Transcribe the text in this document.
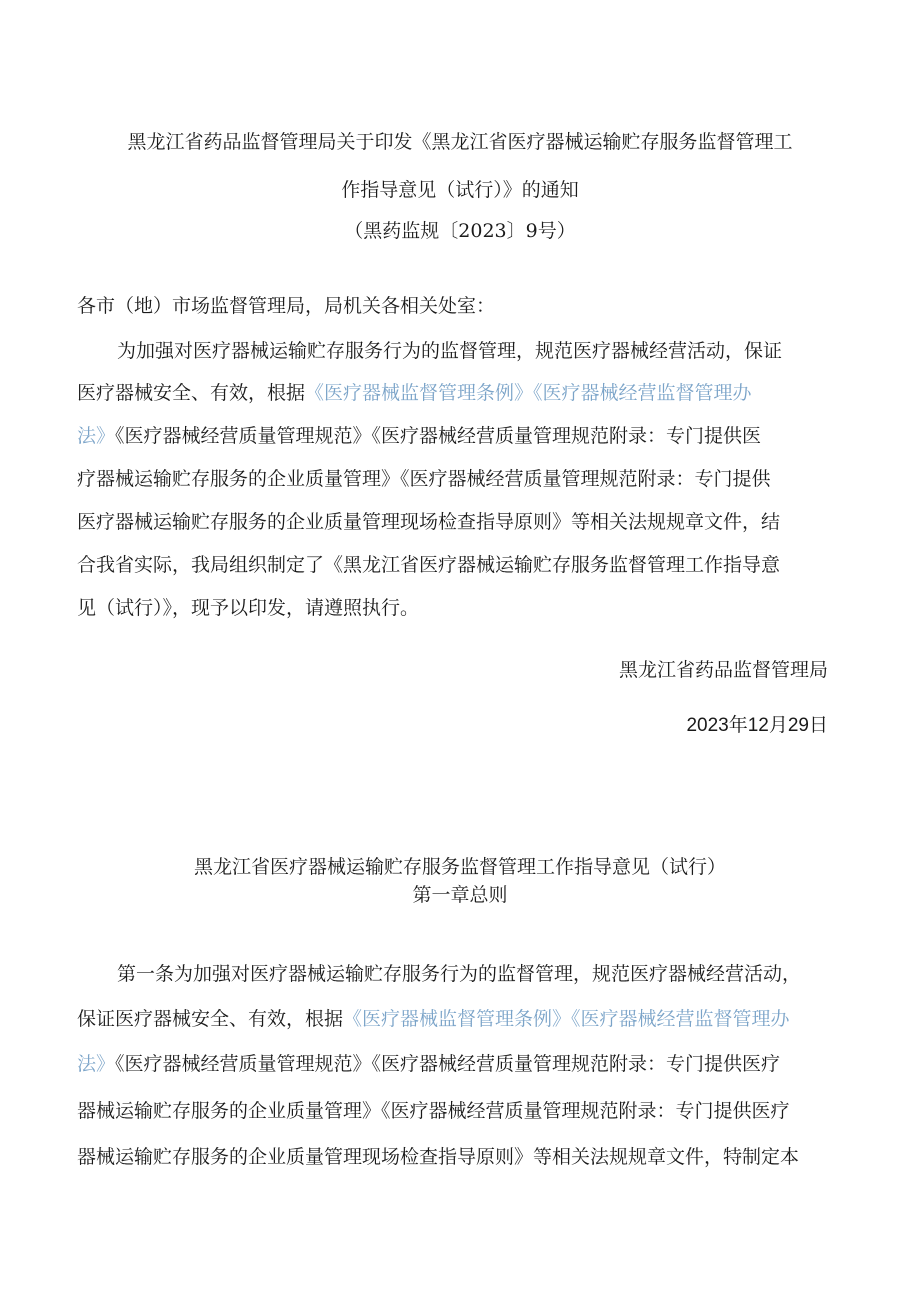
黑龙江省药品监督管理局关于印发《黑龙江省医疗器械运输贮存服务监督管理工
作指导意见（试行）》的通知
（黑药监规〔2023〕9号）
各市（地）市场监督管理局，局机关各相关处室：
为加强对医疗器械运输贮存服务行为的监督管理，规范医疗器械经营活动，保证
医疗器械安全、有效，根据《医疗器械监督管理条例》《医疗器械经营监督管理办
法》《医疗器械经营质量管理规范》《医疗器械经营质量管理规范附录：专门提供医
疗器械运输贮存服务的企业质量管理》《医疗器械经营质量管理规范附录：专门提供
医疗器械运输贮存服务的企业质量管理现场检查指导原则》等相关法规规章文件，结
合我省实际，我局组织制定了《黑龙江省医疗器械运输贮存服务监督管理工作指导意
见（试行）》，现予以印发，请遵照执行。
黑龙江省药品监督管理局
2023年12月29日
黑龙江省医疗器械运输贮存服务监督管理工作指导意见（试行）
第一章总则
第一条为加强对医疗器械运输贮存服务行为的监督管理，规范医疗器械经营活动，
保证医疗器械安全、有效，根据《医疗器械监督管理条例》《医疗器械经营监督管理办
法》《医疗器械经营质量管理规范》《医疗器械经营质量管理规范附录：专门提供医疗
器械运输贮存服务的企业质量管理》《医疗器械经营质量管理规范附录：专门提供医疗
器械运输贮存服务的企业质量管理现场检查指导原则》等相关法规规章文件，特制定本
